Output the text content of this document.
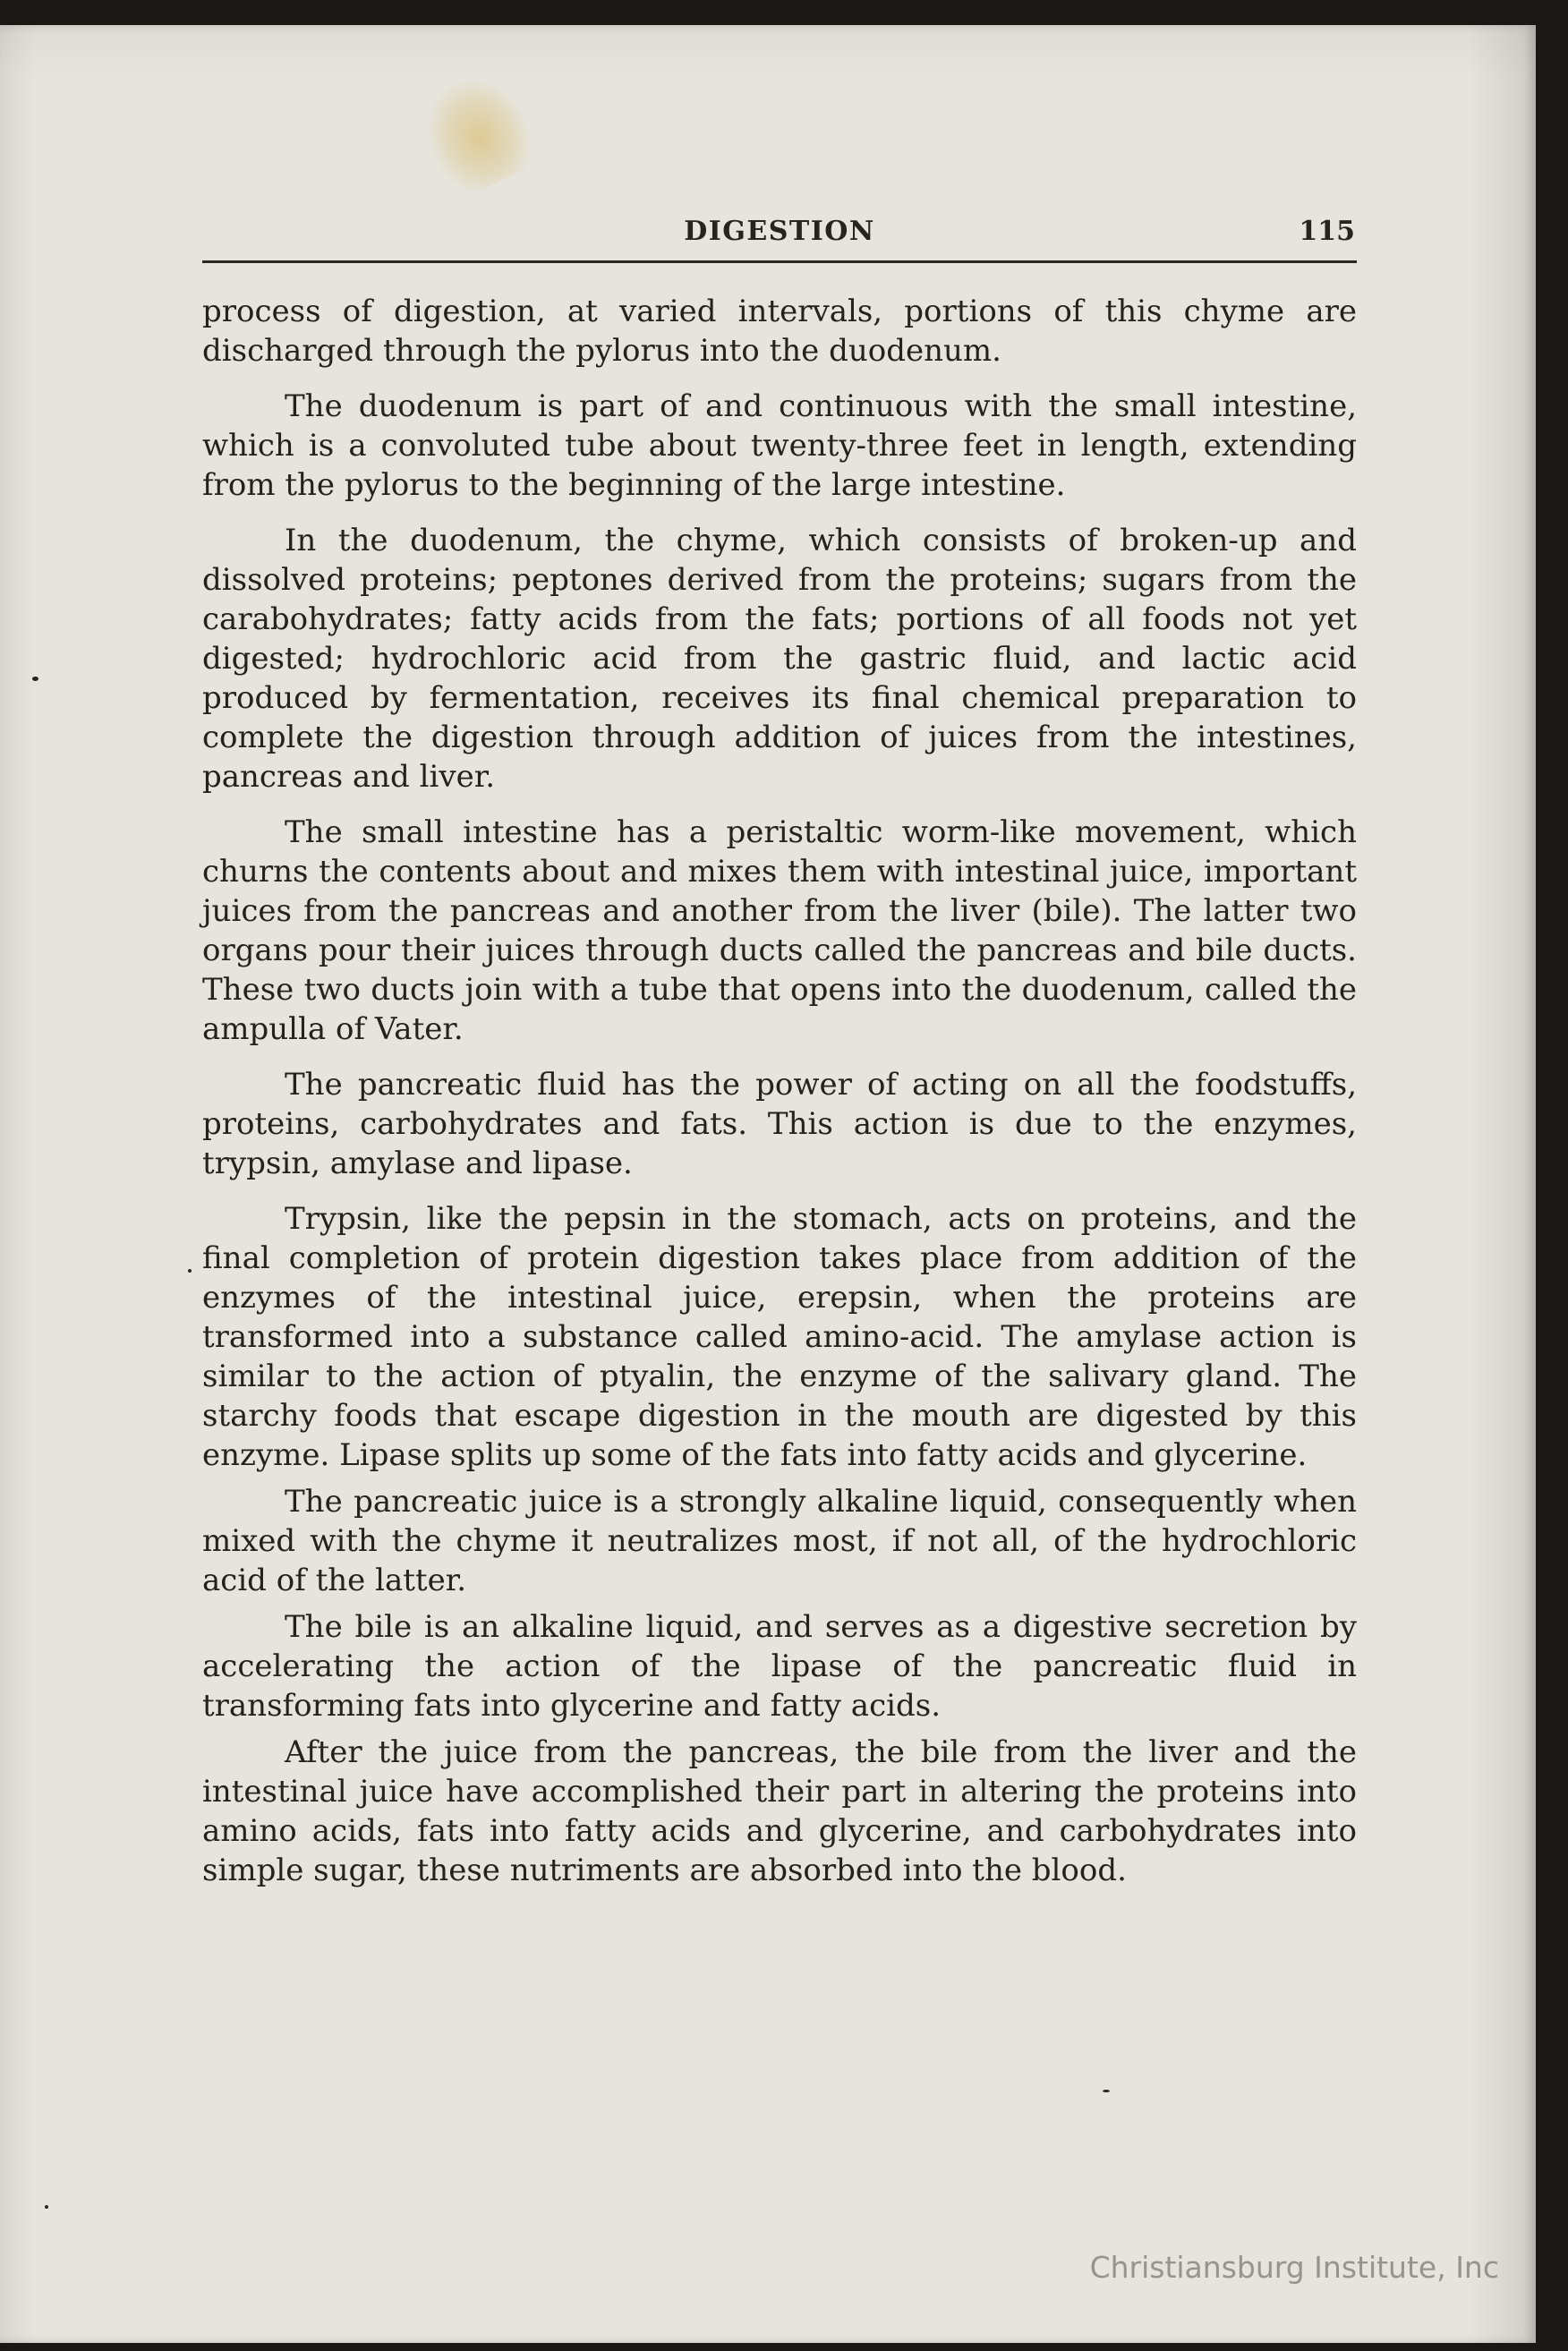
DIGESTION	115

process of digestion, at varied intervals, portions of this chyme are discharged through the pylorus into the duodenum.

The duodenum is part of and continuous with the small intestine, which is a convoluted tube about twenty-three feet in length, extending from the pylorus to the beginning of the large intestine.

In the duodenum, the chyme, which consists of broken-up and dissolved proteins; peptones derived from the proteins; sugars from the carabohydrates; fatty acids from the fats; portions of all foods not yet digested; hydrochloric acid from the gastric fluid, and lactic acid produced by fermentation, receives its final chemical preparation to complete the digestion through addition of juices from the intestines, pancreas and liver.

The small intestine has a peristaltic worm-like movement, which churns the contents about and mixes them with intestinal juice, important juices from the pancreas and another from the liver (bile). The latter two organs pour their juices through ducts called the pancreas and bile ducts. These two ducts join with a tube that opens into the duodenum, called the ampulla of Vater.

The pancreatic fluid has the power of acting on all the foodstuffs, proteins, carbohydrates and fats. This action is due to the enzymes, trypsin, amylase and lipase.

Trypsin, like the pepsin in the stomach, acts on proteins, and the final completion of protein digestion takes place from addition of the enzymes of the intestinal juice, erepsin, when the proteins are transformed into a substance called amino-acid. The amylase action is similar to the action of ptyalin, the enzyme of the salivary gland. The starchy foods that escape digestion in the mouth are digested by this enzyme. Lipase splits up some of the fats into fatty acids and glycerine.

The pancreatic juice is a strongly alkaline liquid, consequently when mixed with the chyme it neutralizes most, if not all, of the hydrochloric acid of the latter.

The bile is an alkaline liquid, and serves as a digestive secretion by accelerating the action of the lipase of the pancreatic fluid in transforming fats into glycerine and fatty acids.

After the juice from the pancreas, the bile from the liver and the intestinal juice have accomplished their part in altering the proteins into amino acids, fats into fatty acids and glycerine, and carbohydrates into simple sugar, these nutriments are absorbed into the blood.

Christiansburg Institute, Inc
